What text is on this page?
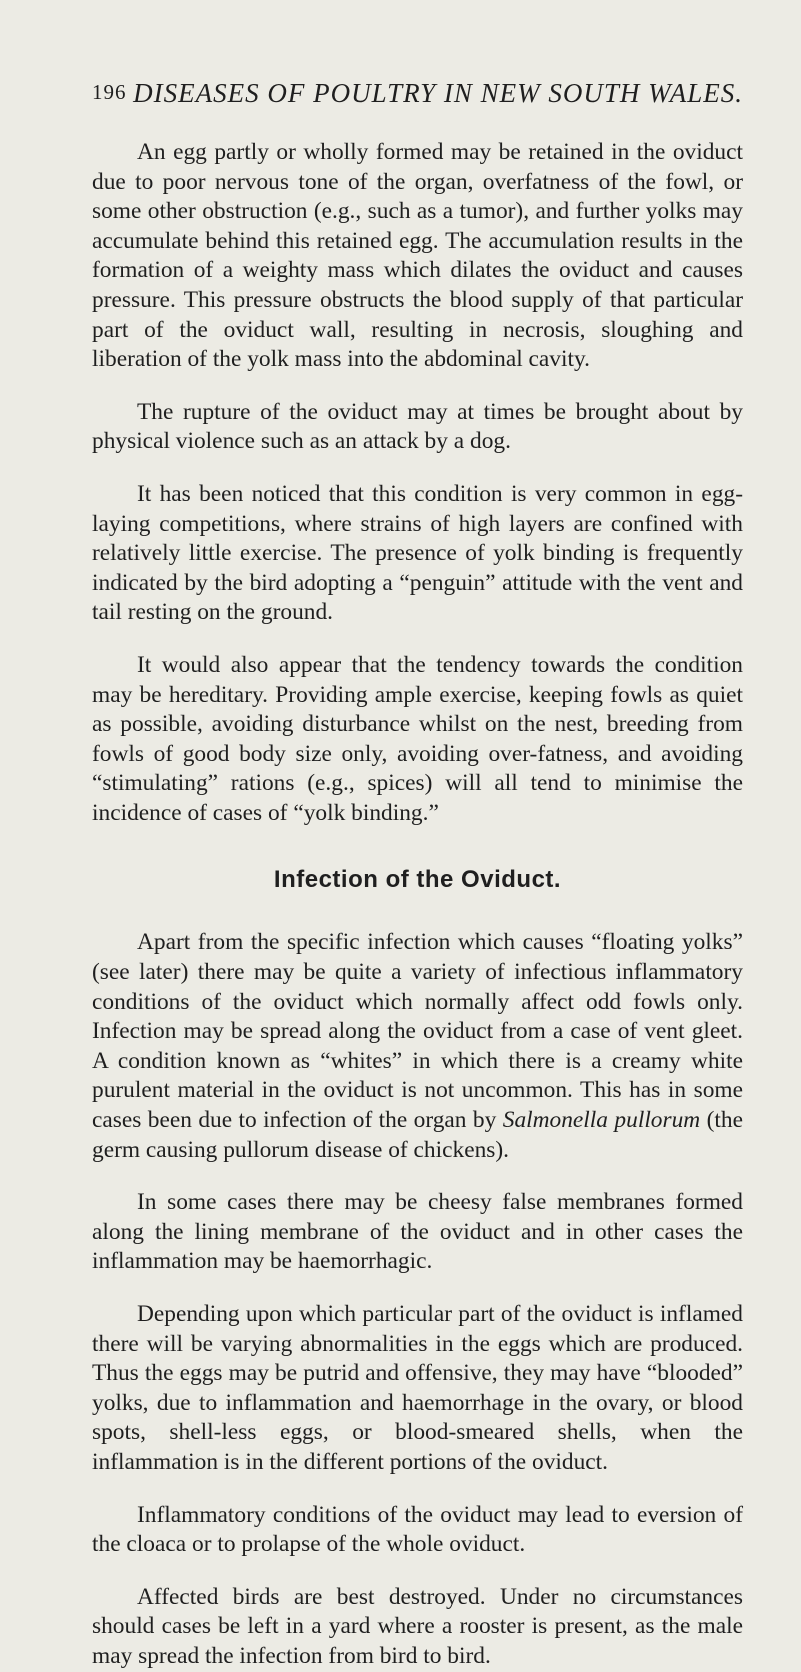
196 DISEASES OF POULTRY IN NEW SOUTH WALES.

An egg partly or wholly formed may be retained in the oviduct due to poor nervous tone of the organ, overfatness of the fowl, or some other obstruction (e.g., such as a tumor), and further yolks may accumulate behind this retained egg. The accumulation results in the formation of a weighty mass which dilates the oviduct and causes pressure. This pressure obstructs the blood supply of that particular part of the oviduct wall, resulting in necrosis, sloughing and liberation of the yolk mass into the abdominal cavity.

The rupture of the oviduct may at times be brought about by physical violence such as an attack by a dog.

It has been noticed that this condition is very common in egg-laying competitions, where strains of high layers are confined with relatively little exercise. The presence of yolk binding is frequently indicated by the bird adopting a “penguin” attitude with the vent and tail resting on the ground.

It would also appear that the tendency towards the condition may be hereditary. Providing ample exercise, keeping fowls as quiet as possible, avoiding disturbance whilst on the nest, breeding from fowls of good body size only, avoiding over-fatness, and avoiding “stimulating” rations (e.g., spices) will all tend to minimise the incidence of cases of “yolk binding.”

Infection of the Oviduct.

Apart from the specific infection which causes “floating yolks” (see later) there may be quite a variety of infectious inflammatory conditions of the oviduct which normally affect odd fowls only. Infection may be spread along the oviduct from a case of vent gleet. A condition known as “whites” in which there is a creamy white purulent material in the oviduct is not uncommon. This has in some cases been due to infection of the organ by Salmonella pullorum (the germ causing pullorum disease of chickens).

In some cases there may be cheesy false membranes formed along the lining membrane of the oviduct and in other cases the inflammation may be haemorrhagic.

Depending upon which particular part of the oviduct is inflamed there will be varying abnormalities in the eggs which are produced. Thus the eggs may be putrid and offensive, they may have “blooded” yolks, due to inflammation and haemorrhage in the ovary, or blood spots, shell-less eggs, or blood-smeared shells, when the inflammation is in the different portions of the oviduct.

Inflammatory conditions of the oviduct may lead to eversion of the cloaca or to prolapse of the whole oviduct.

Affected birds are best destroyed. Under no circumstances should cases be left in a yard where a rooster is present, as the male may spread the infection from bird to bird.
